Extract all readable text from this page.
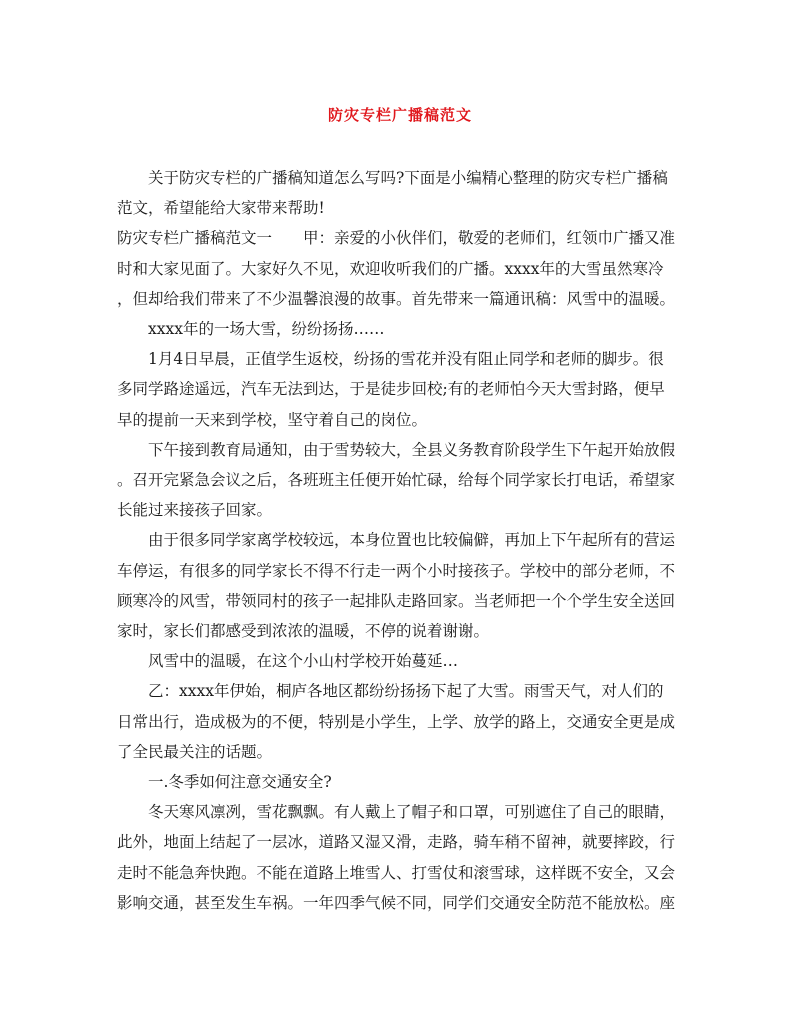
防灾专栏广播稿范文
关于防灾专栏的广播稿知道怎么写吗?下面是小编精心整理的防灾专栏广播稿
范文，希望能给大家带来帮助!
防灾专栏广播稿范文一　　甲：亲爱的小伙伴们，敬爱的老师们，红领巾广播又准
时和大家见面了。大家好久不见，欢迎收听我们的广播。xxxx年的大雪虽然寒冷
，但却给我们带来了不少温馨浪漫的故事。首先带来一篇通讯稿：风雪中的温暖。
xxxx年的一场大雪，纷纷扬扬……
1月4日早晨，正值学生返校，纷扬的雪花并没有阻止同学和老师的脚步。很
多同学路途遥远，汽车无法到达，于是徒步回校;有的老师怕今天大雪封路，便早
早的提前一天来到学校，坚守着自己的岗位。
下午接到教育局通知，由于雪势较大，全县义务教育阶段学生下午起开始放假
。召开完紧急会议之后，各班班主任便开始忙碌，给每个同学家长打电话，希望家
长能过来接孩子回家。
由于很多同学家离学校较远，本身位置也比较偏僻，再加上下午起所有的营运
车停运，有很多的同学家长不得不行走一两个小时接孩子。学校中的部分老师，不
顾寒冷的风雪，带领同村的孩子一起排队走路回家。当老师把一个个学生安全送回
家时，家长们都感受到浓浓的温暖，不停的说着谢谢。
风雪中的温暖，在这个小山村学校开始蔓延…
乙：xxxx年伊始，桐庐各地区都纷纷扬扬下起了大雪。雨雪天气，对人们的
日常出行，造成极为的不便，特别是小学生，上学、放学的路上，交通安全更是成
了全民最关注的话题。
一.冬季如何注意交通安全?
冬天寒风凛冽，雪花飘飘。有人戴上了帽子和口罩，可别遮住了自己的眼睛，
此外，地面上结起了一层冰，道路又湿又滑，走路，骑车稍不留神，就要摔跤，行
走时不能急奔快跑。不能在道路上堆雪人、打雪仗和滚雪球，这样既不安全，又会
影响交通，甚至发生车祸。一年四季气候不同，同学们交通安全防范不能放松。座
